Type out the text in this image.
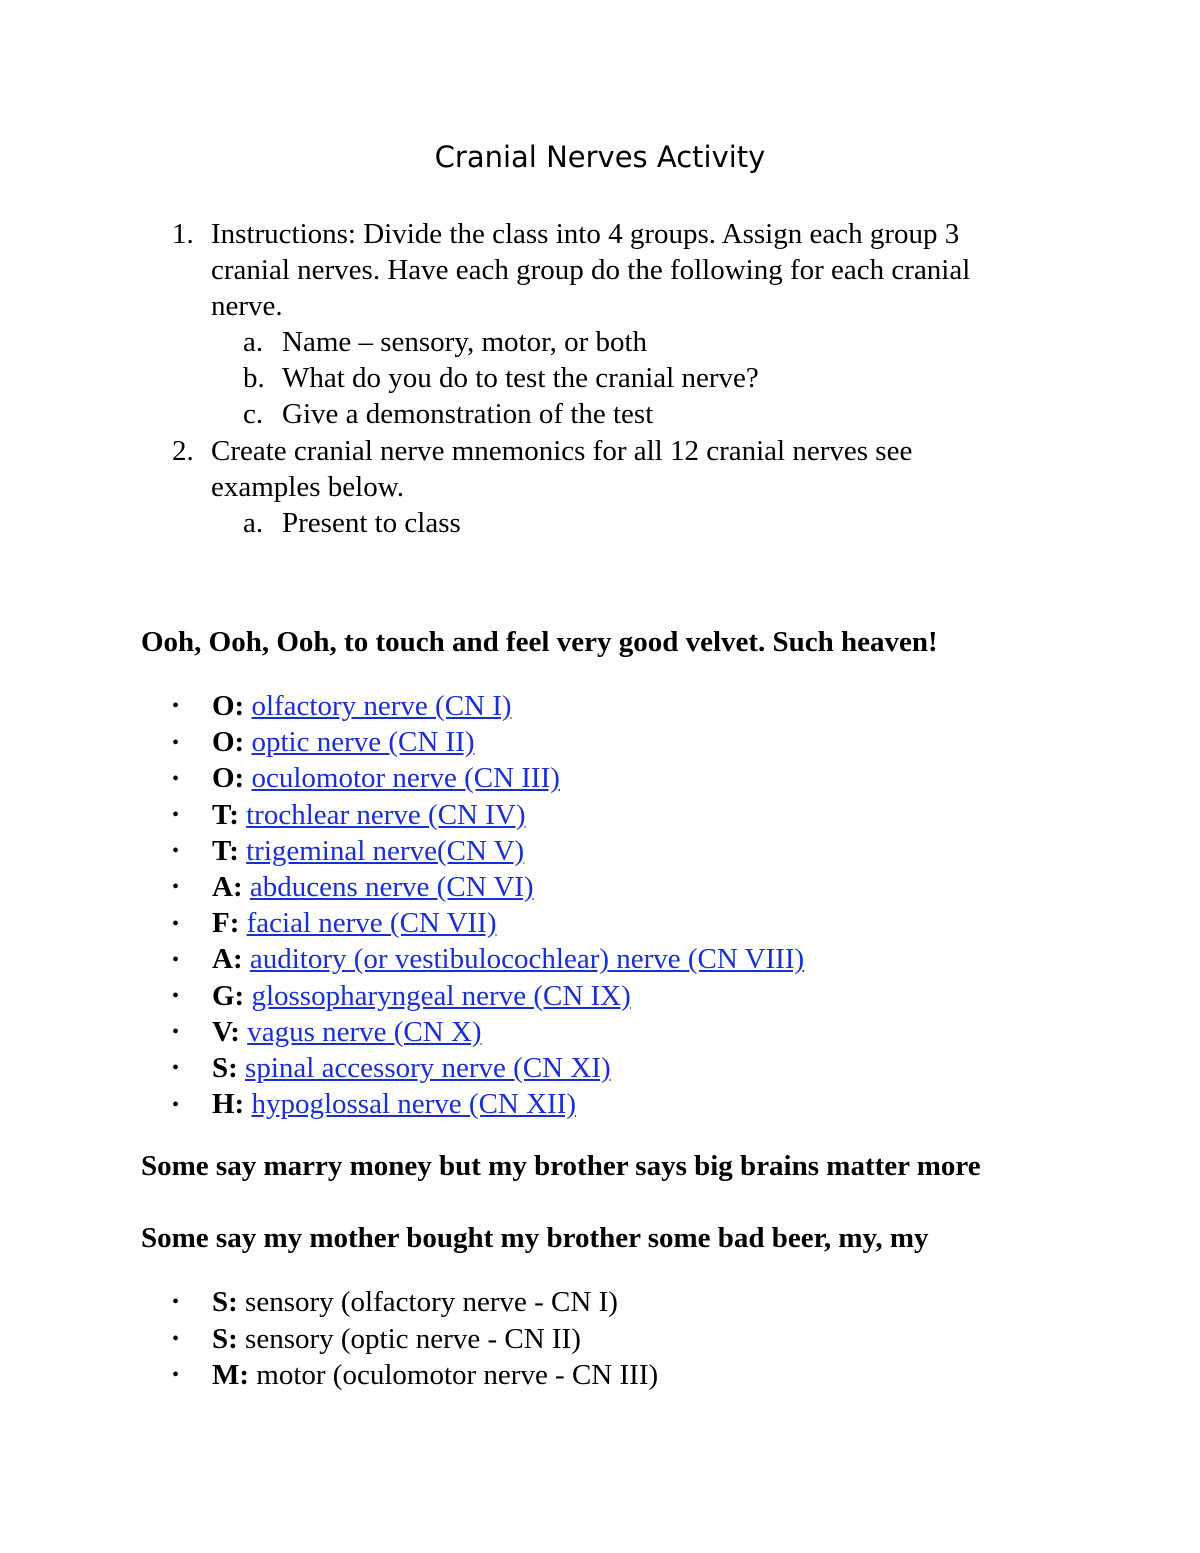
Cranial Nerves Activity
1. Instructions: Divide the class into 4 groups. Assign each group 3
cranial nerves. Have each group do the following for each cranial
nerve.
a. Name – sensory, motor, or both
b. What do you do to test the cranial nerve?
c. Give a demonstration of the test
2. Create cranial nerve mnemonics for all 12 cranial nerves see
examples below.
a. Present to class
Ooh, Ooh, Ooh, to touch and feel very good velvet. Such heaven!
• O: olfactory nerve (CN I)
• O: optic nerve (CN II)
• O: oculomotor nerve (CN III)
• T: trochlear nerve (CN IV)
• T: trigeminal nerve(CN V)
• A: abducens nerve (CN VI)
• F: facial nerve (CN VII)
• A: auditory (or vestibulocochlear) nerve (CN VIII)
• G: glossopharyngeal nerve (CN IX)
• V: vagus nerve (CN X)
• S: spinal accessory nerve (CN XI)
• H: hypoglossal nerve (CN XII)
Some say marry money but my brother says big brains matter more
Some say my mother bought my brother some bad beer, my, my
• S: sensory (olfactory nerve - CN I)
• S: sensory (optic nerve - CN II)
• M: motor (oculomotor nerve - CN III)
